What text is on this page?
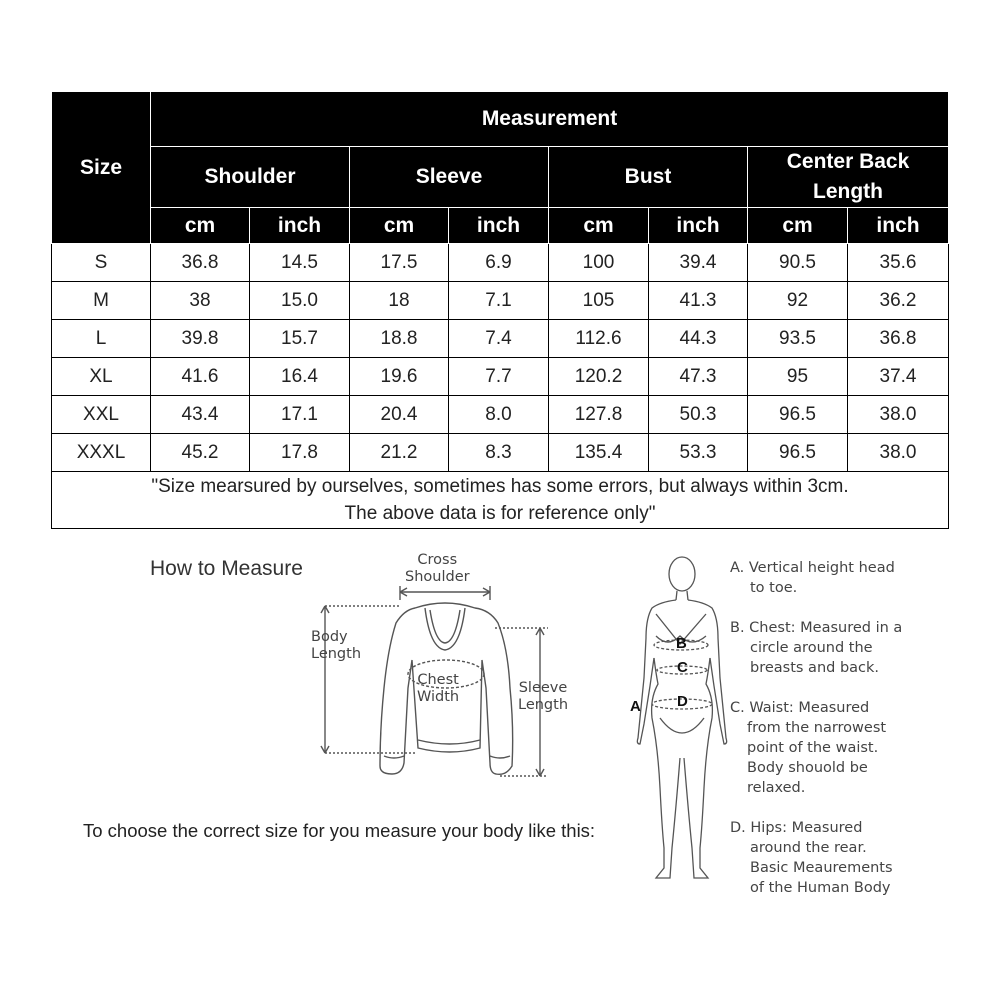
Size	Measurement							
	Shoulder		Sleeve		Bust		Center Back Length	
	cm	inch	cm	inch	cm	inch	cm	inch
S	36.8	14.5	17.5	6.9	100	39.4	90.5	35.6
M	38	15.0	18	7.1	105	41.3	92	36.2
L	39.8	15.7	18.8	7.4	112.6	44.3	93.5	36.8
XL	41.6	16.4	19.6	7.7	120.2	47.3	95	37.4
XXL	43.4	17.1	20.4	8.0	127.8	50.3	96.5	38.0
XXXL	45.2	17.8	21.2	8.3	135.4	53.3	96.5	38.0

"Size mearsured by ourselves, sometimes has some errors, but always within 3cm.
The above data is for reference only"								
How to Measure
To choose the correct size for you measure your body like this:
Cross
Shoulder
Body
Length
Chest
Width
Sleeve
Length
B
C
D
A
A. Vertical height head
to toe.
B. Chest: Measured in a
circle around the
breasts and back.
C. Waist: Measured
from the narrowest
point of the waist.
Body shouold be
relaxed.
D. Hips: Measured
around the rear.
Basic Meaurements
of the Human Body
